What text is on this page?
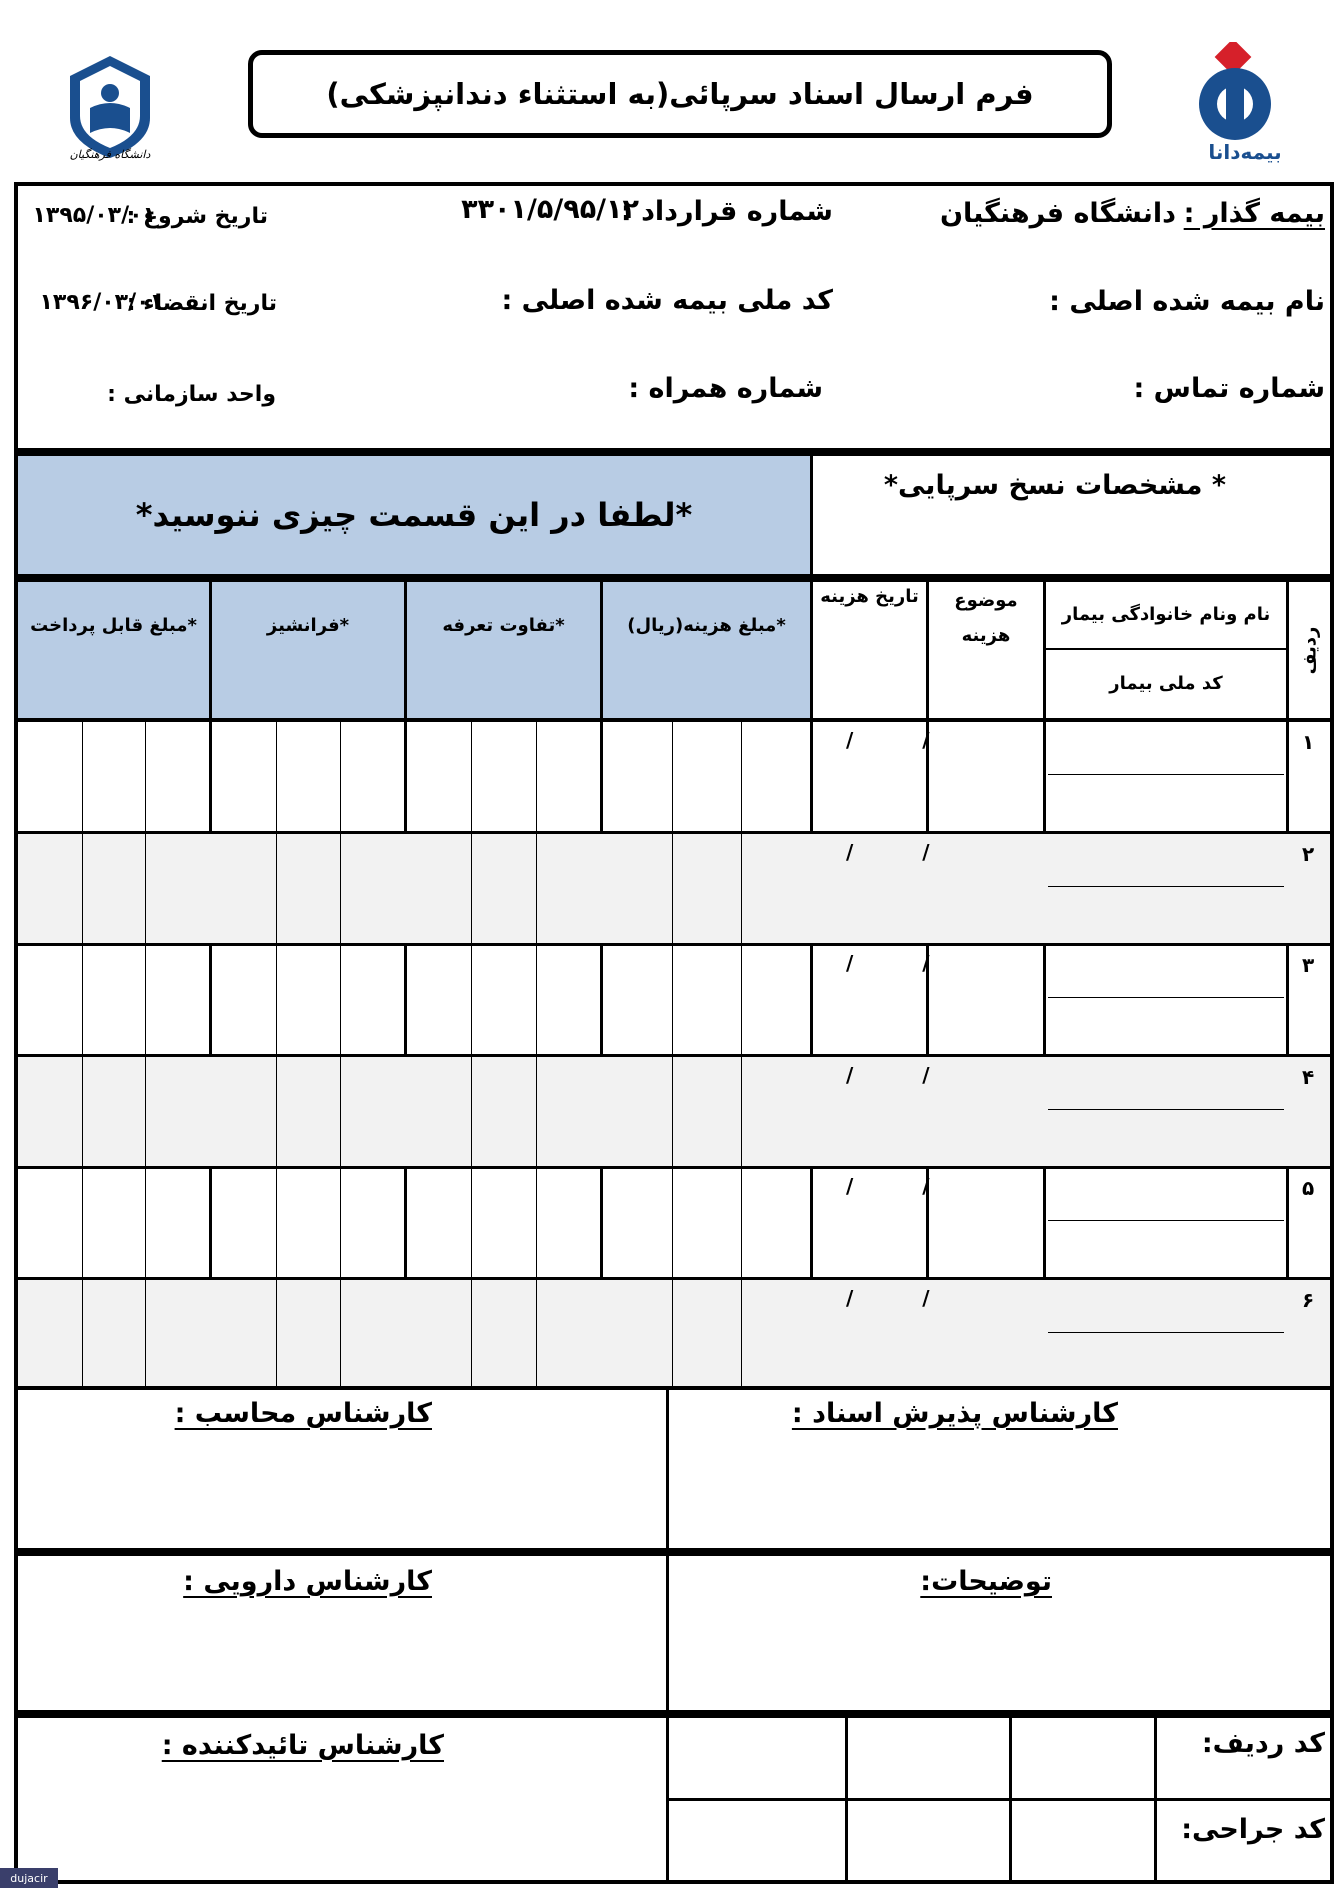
دانشگاه فرهنگیان	بیمه‌دانا
فرم ارسال اسناد سرپائی(به استثناء دندانپزشکی)
بیمه گذار :
دانشگاه فرهنگیان
شماره قرارداد :
۳۳۰۱/۵/۹۵/۱۲
تاریخ شروع :
۱۳۹۵/۰۳/۰۱
نام بیمه شده اصلی :
کد ملی بیمه شده اصلی :
تاریخ انقضاء :
۱۳۹۶/۰۳/۰۱
شماره تماس :
شماره همراه :
واحد سازمانی :
*لطفا در این قسمت چیزی ننوسید*
* مشخصات نسخ سرپایی*
ردیف
نام ونام خانوادگی بیمار
کد ملی بیمار
موضوع
هزینه
تاریخ هزینه
*مبلغ هزینه(ریال)
*تفاوت تعرفه
*فرانشیز
*مبلغ قابل پرداخت
۱
/   /
۲
/   /
۳
/   /
۴
/   /
۵
/   /
۶
/   /
کارشناس پذیرش اسناد :
کارشناس محاسب :
توضیحات:
کارشناس دارویی :
کد ردیف:
کد جراحی:
کارشناس تائیدکننده :
dujacir
